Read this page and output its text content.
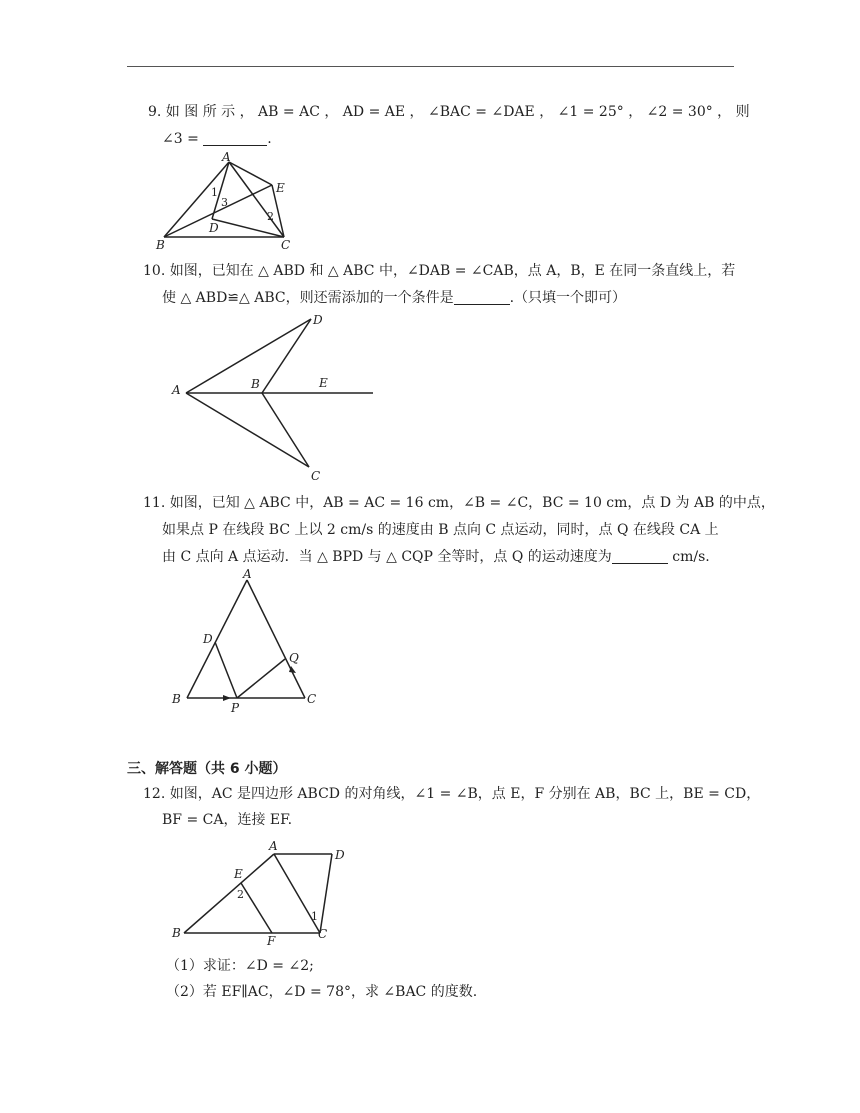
9. 如 图 所 示 ， AB = AC ， AD = AE ， ∠BAC = ∠DAE ， ∠1 = 25° ， ∠2 = 30° ， 则
∠3 =	.
A
B	C
D
E
1
2
3
10. 如图，已知在 △ ABD 和 △ ABC 中，∠DAB = ∠CAB，点 A，B，E 在同一条直线上，若
使 △ ABD≌△ ABC，则还需添加的一个条件是	.（只填一个即可）
A	B
D
E
C
11. 如图，已知 △ ABC 中，AB = AC = 16 cm，∠B = ∠C，BC = 10 cm，点 D 为 AB 的中点，
如果点 P 在线段 BC 上以 2 cm/s 的速度由 B 点向 C 点运动，同时，点 Q 在线段 CA 上
由 C 点向 A 点运动．当 △ BPD 与 △ CQP 全等时，点 Q 的运动速度为	cm/s.
A
D
Q
B
P
C
三、解答题（共 6 小题）
12. 如图，AC 是四边形 ABCD 的对角线，∠1 = ∠B，点 E，F 分别在 AB，BC 上，BE = CD，
BF = CA，连接 EF.
A
D
E
2
1
B
F	C
（1）求证：∠D = ∠2;
（2）若 EF∥AC，∠D = 78°，求 ∠BAC 的度数.
